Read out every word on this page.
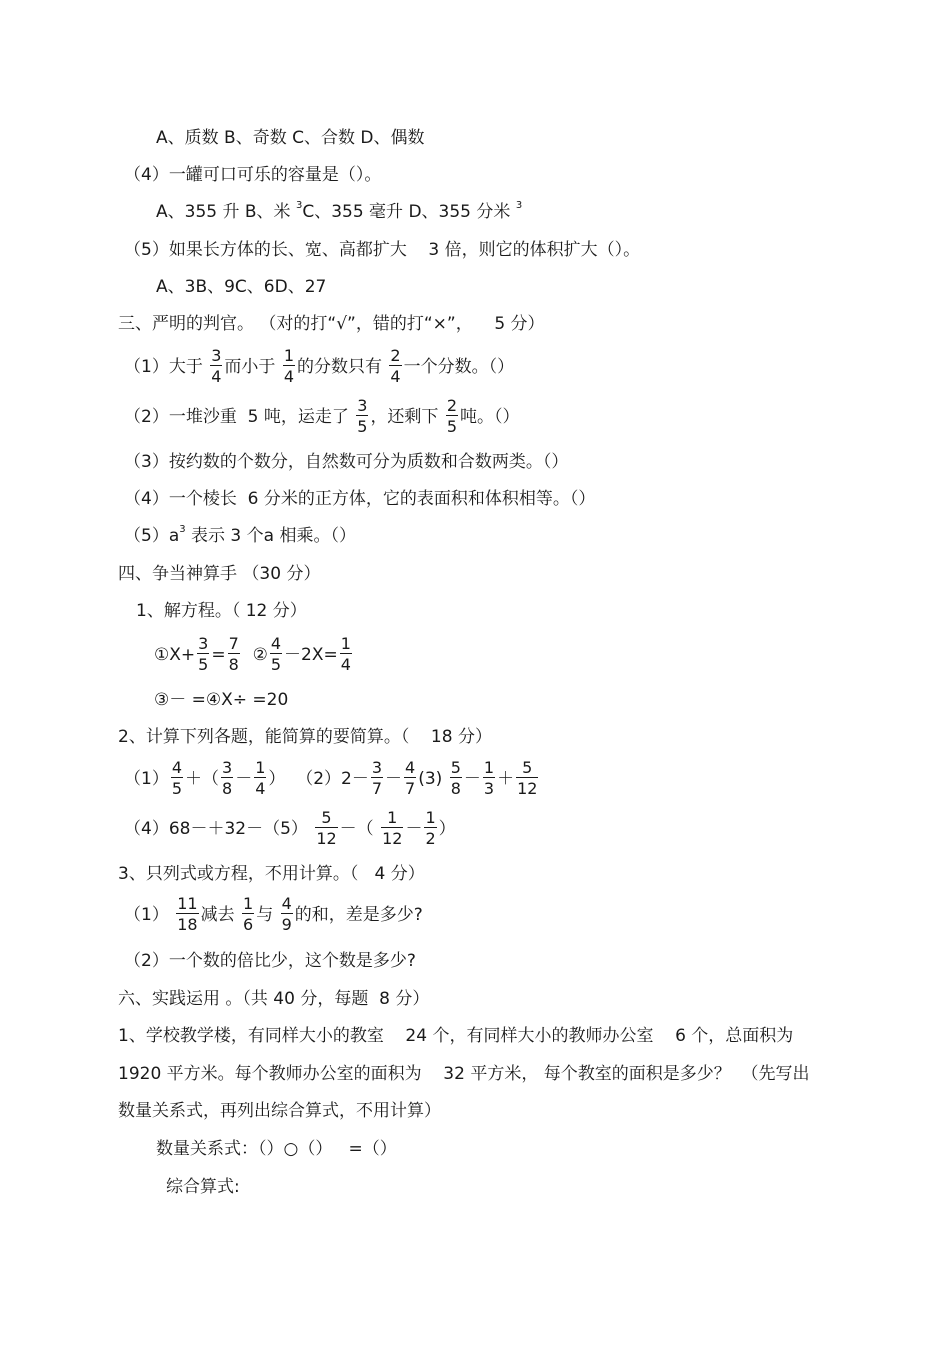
A、质数 B、奇数 C、合数 D、偶数
（4）一罐可口可乐的容量是（）。
A、355 升 B、米 $^3$C、355 毫升 D、355 分米 $^3$
（5）如果长方体的长、宽、高都扩大    3 倍，则它的体积扩大（）。
A、3B、9C、6D、27
三、严明的判官。 （对的打“√”，错的打“×”，    5 分）
（1）大于 $\frac{3}{4}$ 而小于 $\frac{1}{4}$ 的分数只有 $\frac{2}{4}$ 一个分数。（）
（2）一堆沙重  5 吨，运走了 $\frac{3}{5}$ ，还剩下 $\frac{2}{5}$ 吨。（）
（3）按约数的个数分，自然数可分为质数和合数两类。（）
（4）一个棱长  6 分米的正方体，它的表面积和体积相等。（）
$(5)a^3$ 表示 3 个a 相乘。（）
四、争当神算手 （30 分）
1、解方程。（ 12 分）
①X+ $\frac{3}{5} = \frac{7}{8}$ ② $\frac{4}{5} -2X= \frac{1}{4}$
③－ =④X÷ =20
2、计算下列各题，能简算的要简算。（    18 分）
$(1) \frac{4}{5}$ ＋（ $\frac{3}{8} - \frac{1}{4}$ ）  $(2)2- \frac{3}{7} - \frac{4}{7} (3) \frac{5}{8} - \frac{1}{3} + \frac{5}{12}$
$(4)68-+32-(5) \frac{5}{12}$ －（ $\frac{1}{12} - \frac{1}{2}$ ）
3、只列式或方程，不用计算。（   4 分）
$(1) \frac{11}{18}$ 减去 $\frac{1}{6}$ 与 $\frac{4}{9}$ 的和，差是多少?
（2）一个数的倍比少，这个数是多少?
六、实践运用 。（共 40 分，每题  8 分）
1、学校教学楼，有同样大小的教室    24 个，有同样大小的教师办公室    6 个，总面积为
1920 平方米。每个教师办公室的面积为    32 平方米， 每个教室的面积是多少？  （先写出
数量关系式，再列出综合算式，不用计算）
数量关系式：（）○（）   =（）
综合算式:
